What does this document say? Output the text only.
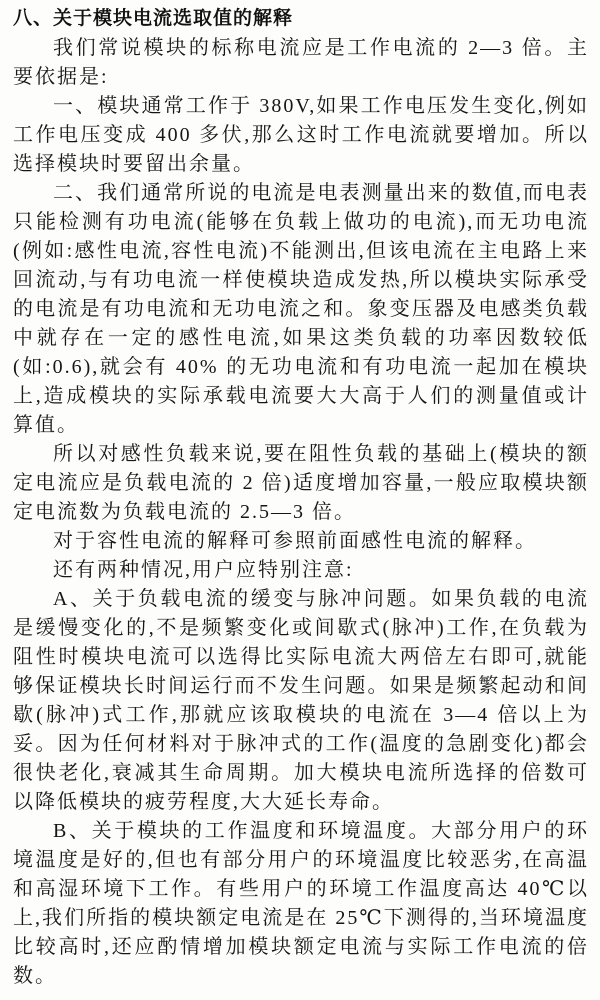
八、关于模块电流选取值的解释

我们常说模块的标称电流应是工作电流的 2—3 倍。主要依据是:

一、模块通常工作于 380V,如果工作电压发生变化,例如工作电压变成 400 多伏,那么这时工作电流就要增加。所以选择模块时要留出余量。

二、我们通常所说的电流是电表测量出来的数值,而电表只能检测有功电流(能够在负载上做功的电流),而无功电流(例如:感性电流,容性电流)不能测出,但该电流在主电路上来回流动,与有功电流一样使模块造成发热,所以模块实际承受的电流是有功电流和无功电流之和。象变压器及电感类负载中就存在一定的感性电流,如果这类负载的功率因数较低(如:0.6),就会有 40% 的无功电流和有功电流一起加在模块上,造成模块的实际承载电流要大大高于人们的测量值或计算值。

所以对感性负载来说,要在阻性负载的基础上(模块的额定电流应是负载电流的 2 倍)适度增加容量,一般应取模块额定电流数为负载电流的 2.5—3 倍。

对于容性电流的解释可参照前面感性电流的解释。

还有两种情况,用户应特别注意:

A、关于负载电流的缓变与脉冲问题。如果负载的电流是缓慢变化的,不是频繁变化或间歇式(脉冲)工作,在负载为阻性时模块电流可以选得比实际电流大两倍左右即可,就能够保证模块长时间运行而不发生问题。如果是频繁起动和间歇(脉冲)式工作,那就应该取模块的电流在 3—4 倍以上为妥。因为任何材料对于脉冲式的工作(温度的急剧变化)都会很快老化,衰减其生命周期。加大模块电流所选择的倍数可以降低模块的疲劳程度,大大延长寿命。

B、关于模块的工作温度和环境温度。大部分用户的环境温度是好的,但也有部分用户的环境温度比较恶劣,在高温和高湿环境下工作。有些用户的环境工作温度高达 40℃以上,我们所指的模块额定电流是在 25℃下测得的,当环境温度比较高时,还应酌情增加模块额定电流与实际工作电流的倍数。
